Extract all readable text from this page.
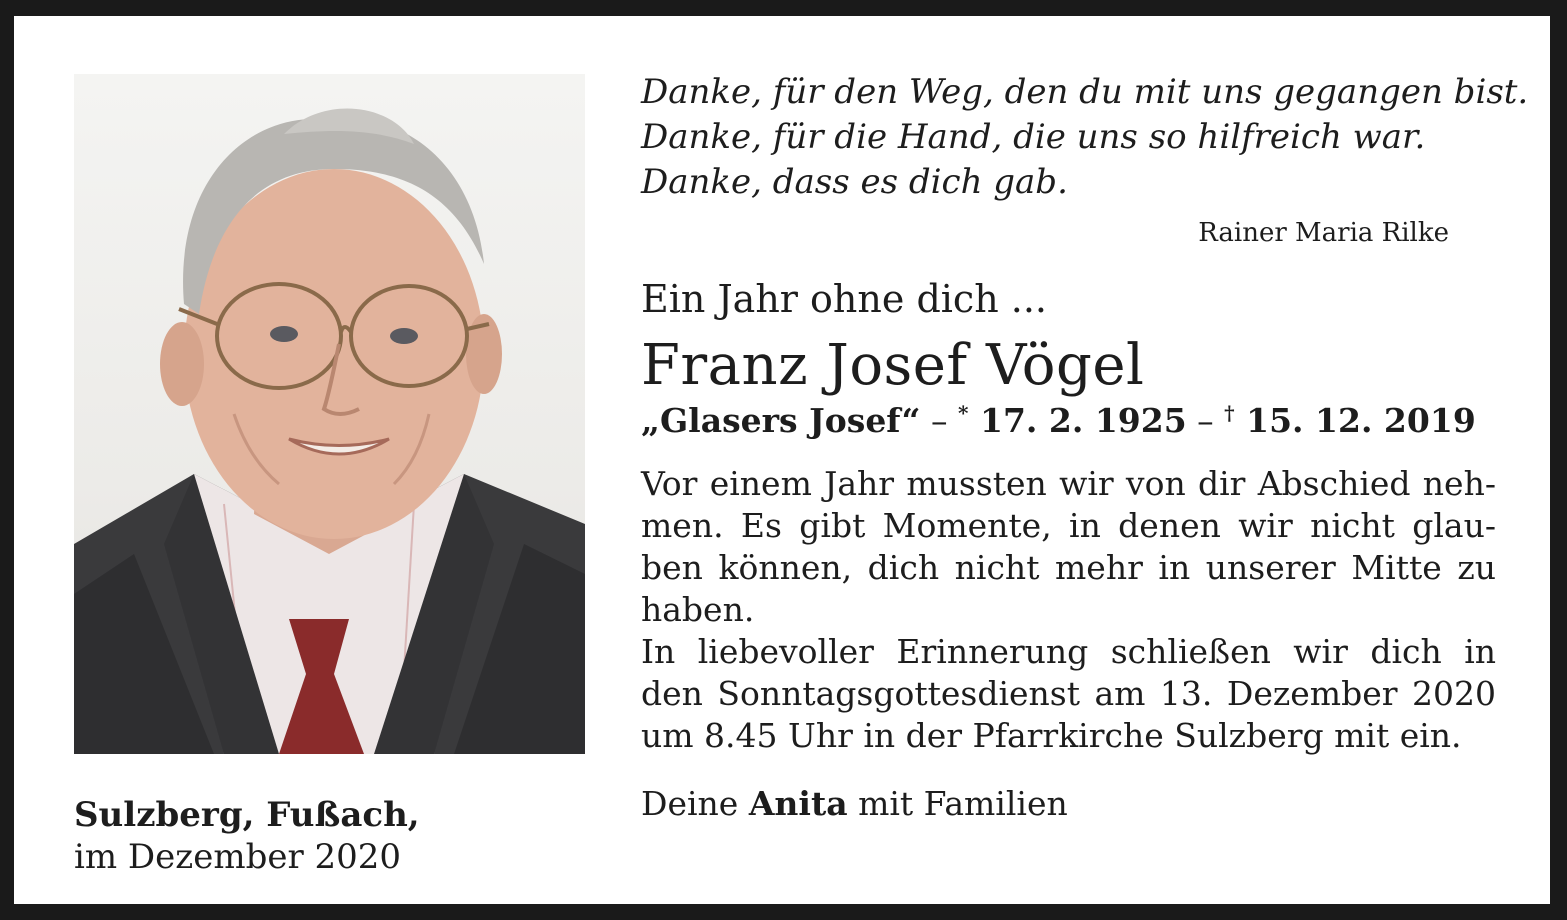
Sulzberg, Fußach,
im Dezember 2020
Danke, für den Weg, den du mit uns gegangen bist.
Danke, für die Hand, die uns so hilfreich war.
Danke, dass es dich gab.
Rainer Maria Rilke
Ein Jahr ohne dich ...
Franz Josef Vögel
„Glasers Josef“ – * 17. 2. 1925 – † 15. 12. 2019
Vor einem Jahr mussten wir von dir Abschied neh-
men. Es gibt Momente, in denen wir nicht glau-
ben können, dich nicht mehr in unserer Mitte zu
haben.
In liebevoller Erinnerung schließen wir dich in
den Sonntagsgottesdienst am 13. Dezember 2020
um 8.45 Uhr in der Pfarrkirche Sulzberg mit ein.
Deine Anita mit Familien
